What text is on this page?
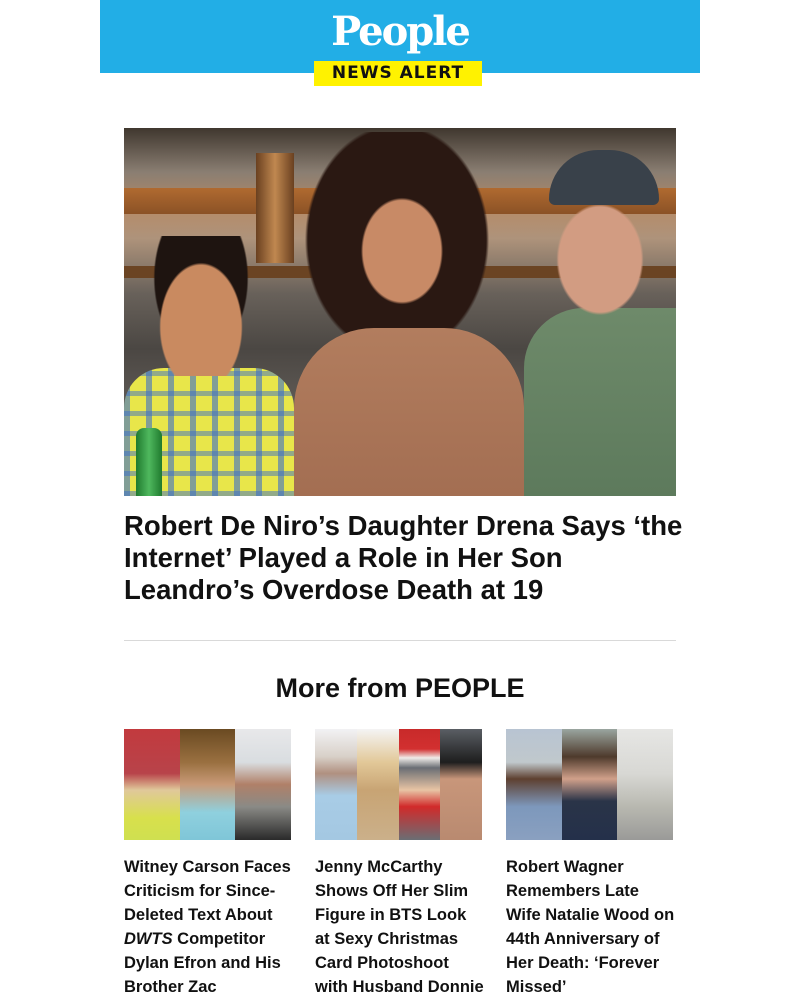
People
NEWS ALERT
Robert De Niro’s Daughter Drena Says ‘the Internet’ Played a Role in Her Son Leandro’s Overdose Death at 19
More from PEOPLE
Witney Carson Faces Criticism for Since-Deleted Text About DWTS Competitor Dylan Efron and His Brother Zac
Jenny McCarthy Shows Off Her Slim Figure in BTS Look at Sexy Christmas Card Photoshoot with Husband Donnie
Robert Wagner Remembers Late Wife Natalie Wood on 44th Anniversary of Her Death: ‘Forever Missed’
